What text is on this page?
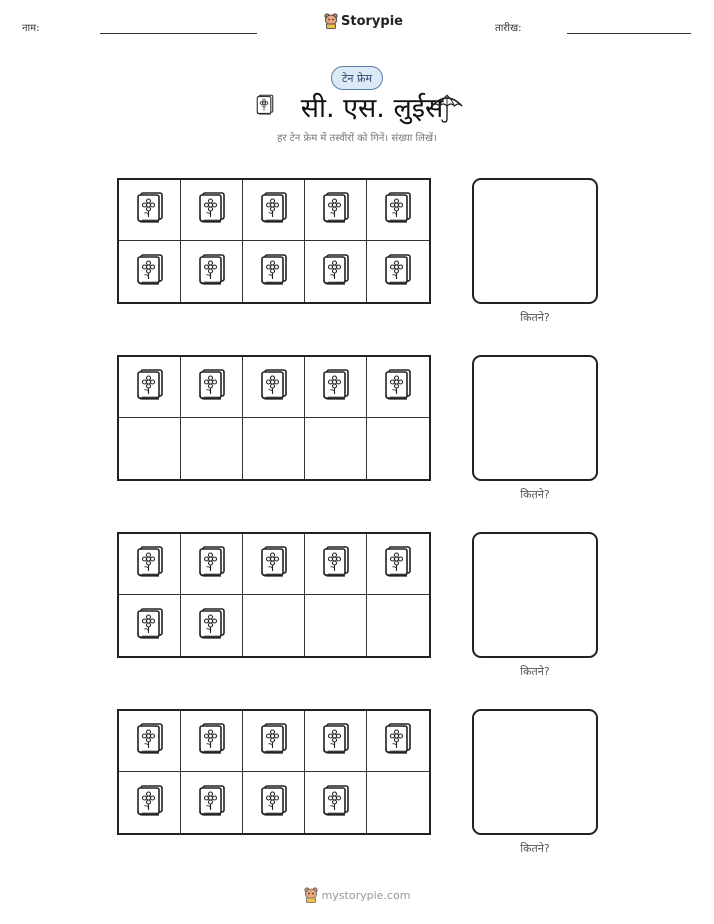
नाम:	Storypie	तारीख:
टेन फ्रेम
सी. एस. लुईस
हर टेन फ्रेम में तस्वीरों को गिनें। संख्या लिखें।
कितने?
कितने?
कितने?
कितने?
mystorypie.com
